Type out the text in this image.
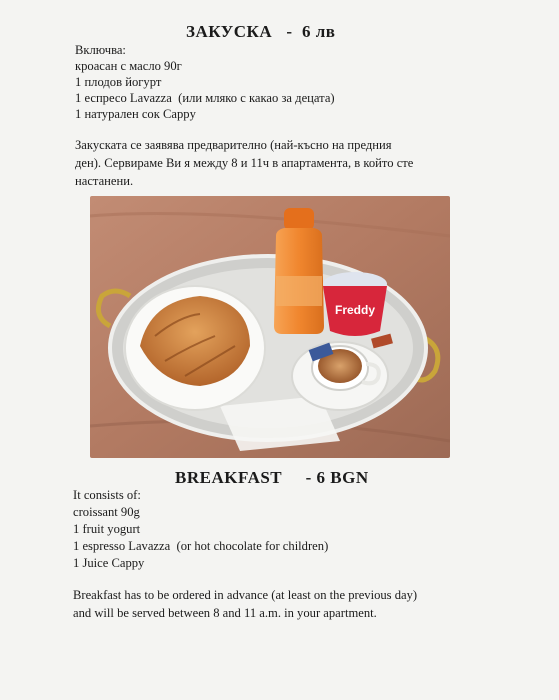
ЗАКУСКА   -  6 лв
Включва:
кроасан с масло 90г
1 плодов йогурт
1 еспресо Lavazza  (или мляко с какао за децата)
1 натурален сок Cappy
Закуската се заявява предварително (най-късно на предния
ден). Сервираме Ви я между 8 и 11ч в апартамента, в който сте
настанени.
Freddy
BREAKFAST     - 6 BGN
It consists of:
croissant 90g
1 fruit yogurt
1 espresso Lavazza  (or hot chocolate for children)
1 Juice Cappy
Breakfast has to be ordered in advance (at least on the previous day)
and will be served between 8 and 11 a.m. in your apartment.
